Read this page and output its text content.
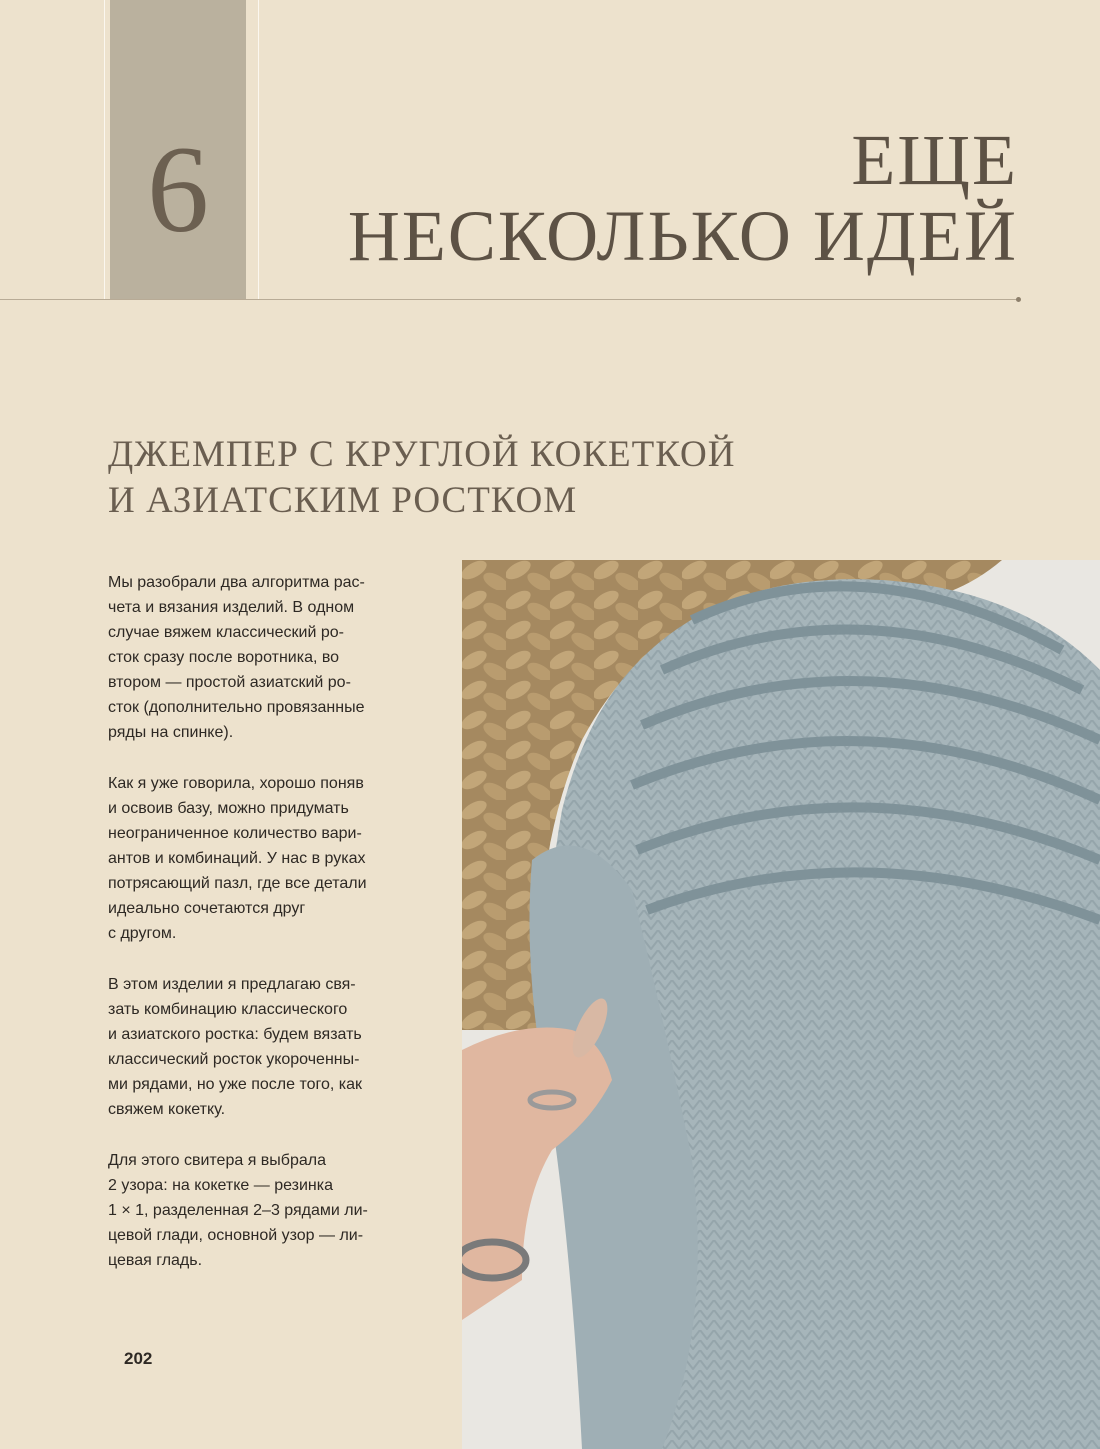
6	ЕЩЕ
НЕСКОЛЬКО ИДЕЙ
ДЖЕМПЕР С КРУГЛОЙ КОКЕТКОЙ
И АЗИАТСКИМ РОСТКОМ

Мы разобрали два алгоритма рас-
чета и вязания изделий. В одном
случае вяжем классический ро-
сток сразу после воротника, во
втором — простой азиатский ро-
сток (дополнительно провязанные
ряды на спинке).

Как я уже говорила, хорошо поняв
и освоив базу, можно придумать
неограниченное количество вари-
антов и комбинаций. У нас в руках
потрясающий пазл, где все детали
идеально сочетаются друг
с другом.

В этом изделии я предлагаю свя-
зать комбинацию классического
и азиатского ростка: будем вязать
классический росток укороченны-
ми рядами, но уже после того, как
свяжем кокетку.

Для этого свитера я выбрала
2 узора: на кокетке — резинка
1 × 1, разделенная 2–3 рядами ли-
цевой глади, основной узор — ли-
цевая гладь.

202
